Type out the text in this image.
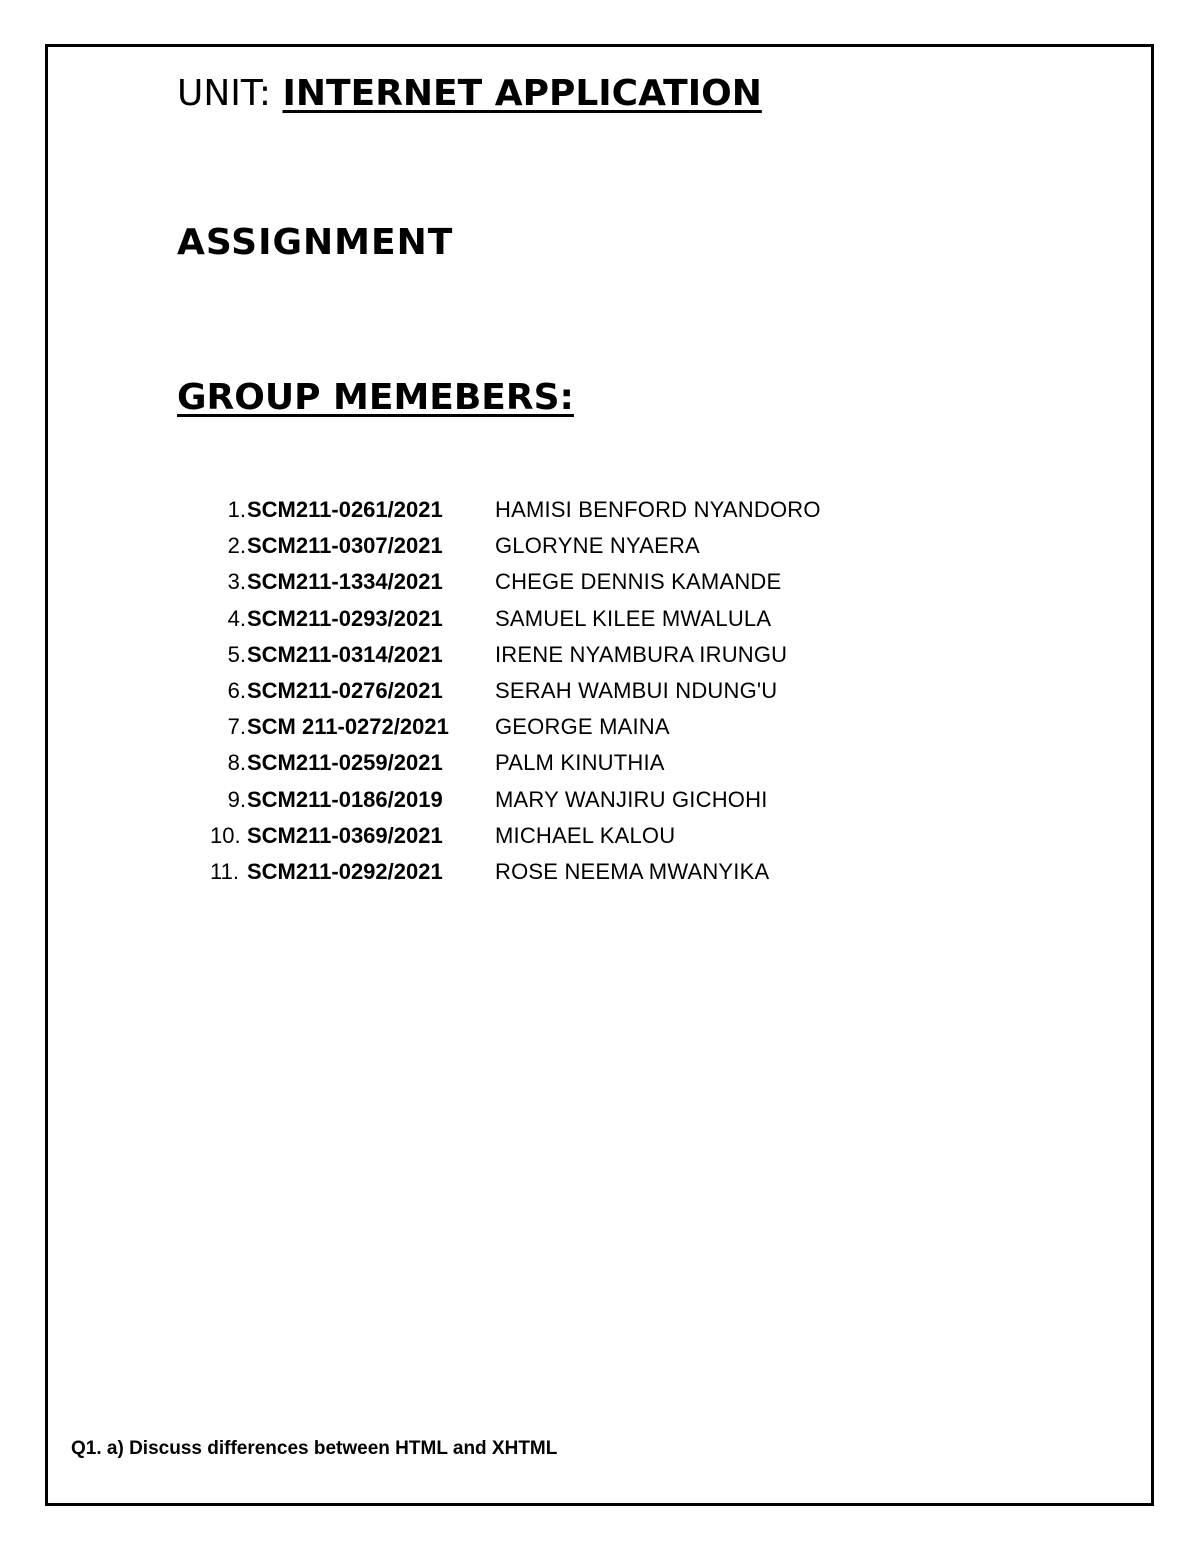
UNIT: INTERNET APPLICATION
ASSIGNMENT
GROUP MEMEBERS:
1. SCM211-0261/2021 HAMISI BENFORD NYANDORO
2. SCM211-0307/2021 GLORYNE NYAERA
3. SCM211-1334/2021 CHEGE DENNIS KAMANDE
4. SCM211-0293/2021 SAMUEL KILEE MWALULA
5. SCM211-0314/2021 IRENE NYAMBURA IRUNGU
6. SCM211-0276/2021 SERAH WAMBUI NDUNG'U
7. SCM 211-0272/2021 GEORGE MAINA
8. SCM211-0259/2021 PALM KINUTHIA
9. SCM211-0186/2019 MARY WANJIRU GICHOHI
10. SCM211-0369/2021 MICHAEL KALOU
11. SCM211-0292/2021 ROSE NEEMA MWANYIKA
Q1. a) Discuss differences between HTML and XHTML
